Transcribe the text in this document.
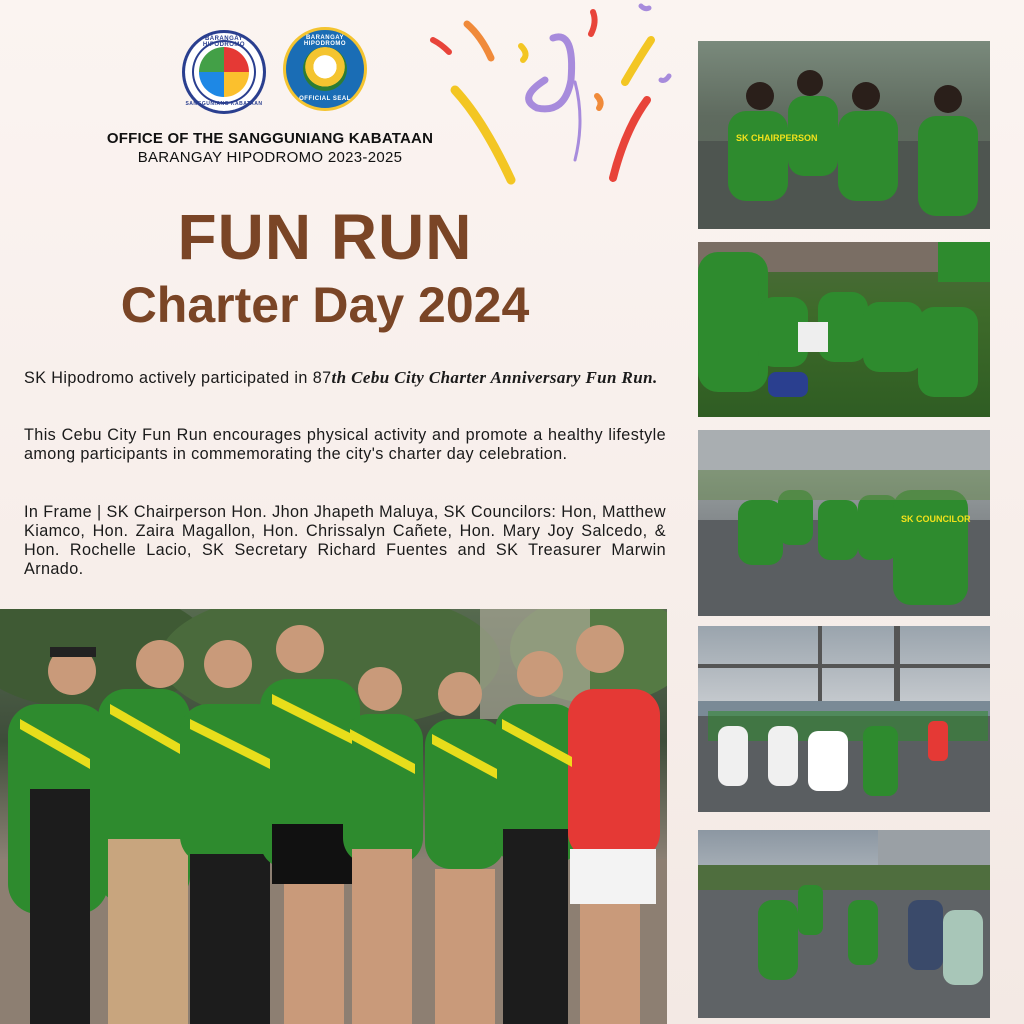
BARANGAY HIPODROMO
SANGGUNIANG KABATAAN
BARANGAY HIPODROMO
OFFICIAL SEAL
OFFICE OF THE SANGGUNIANG KABATAAN
BARANGAY HIPODROMO 2023-2025
FUN RUN
Charter Day 2024
SK Hipodromo actively participated in 87th Cebu City Charter Anniversary Fun Run.
This Cebu City Fun Run encourages physical activity and promote a healthy lifestyle among participants in commemorating the city's charter day celebration.
In Frame | SK Chairperson Hon. Jhon Jhapeth Maluya, SK Councilors: Hon, Matthew Kiamco, Hon. Zaira Magallon, Hon. Chrissalyn Cañete, Hon. Mary Joy Salcedo, & Hon. Rochelle Lacio, SK Secretary Richard Fuentes and SK Treasurer Marwin Arnado.
SK CHAIRPERSON
SK COUNCILOR
